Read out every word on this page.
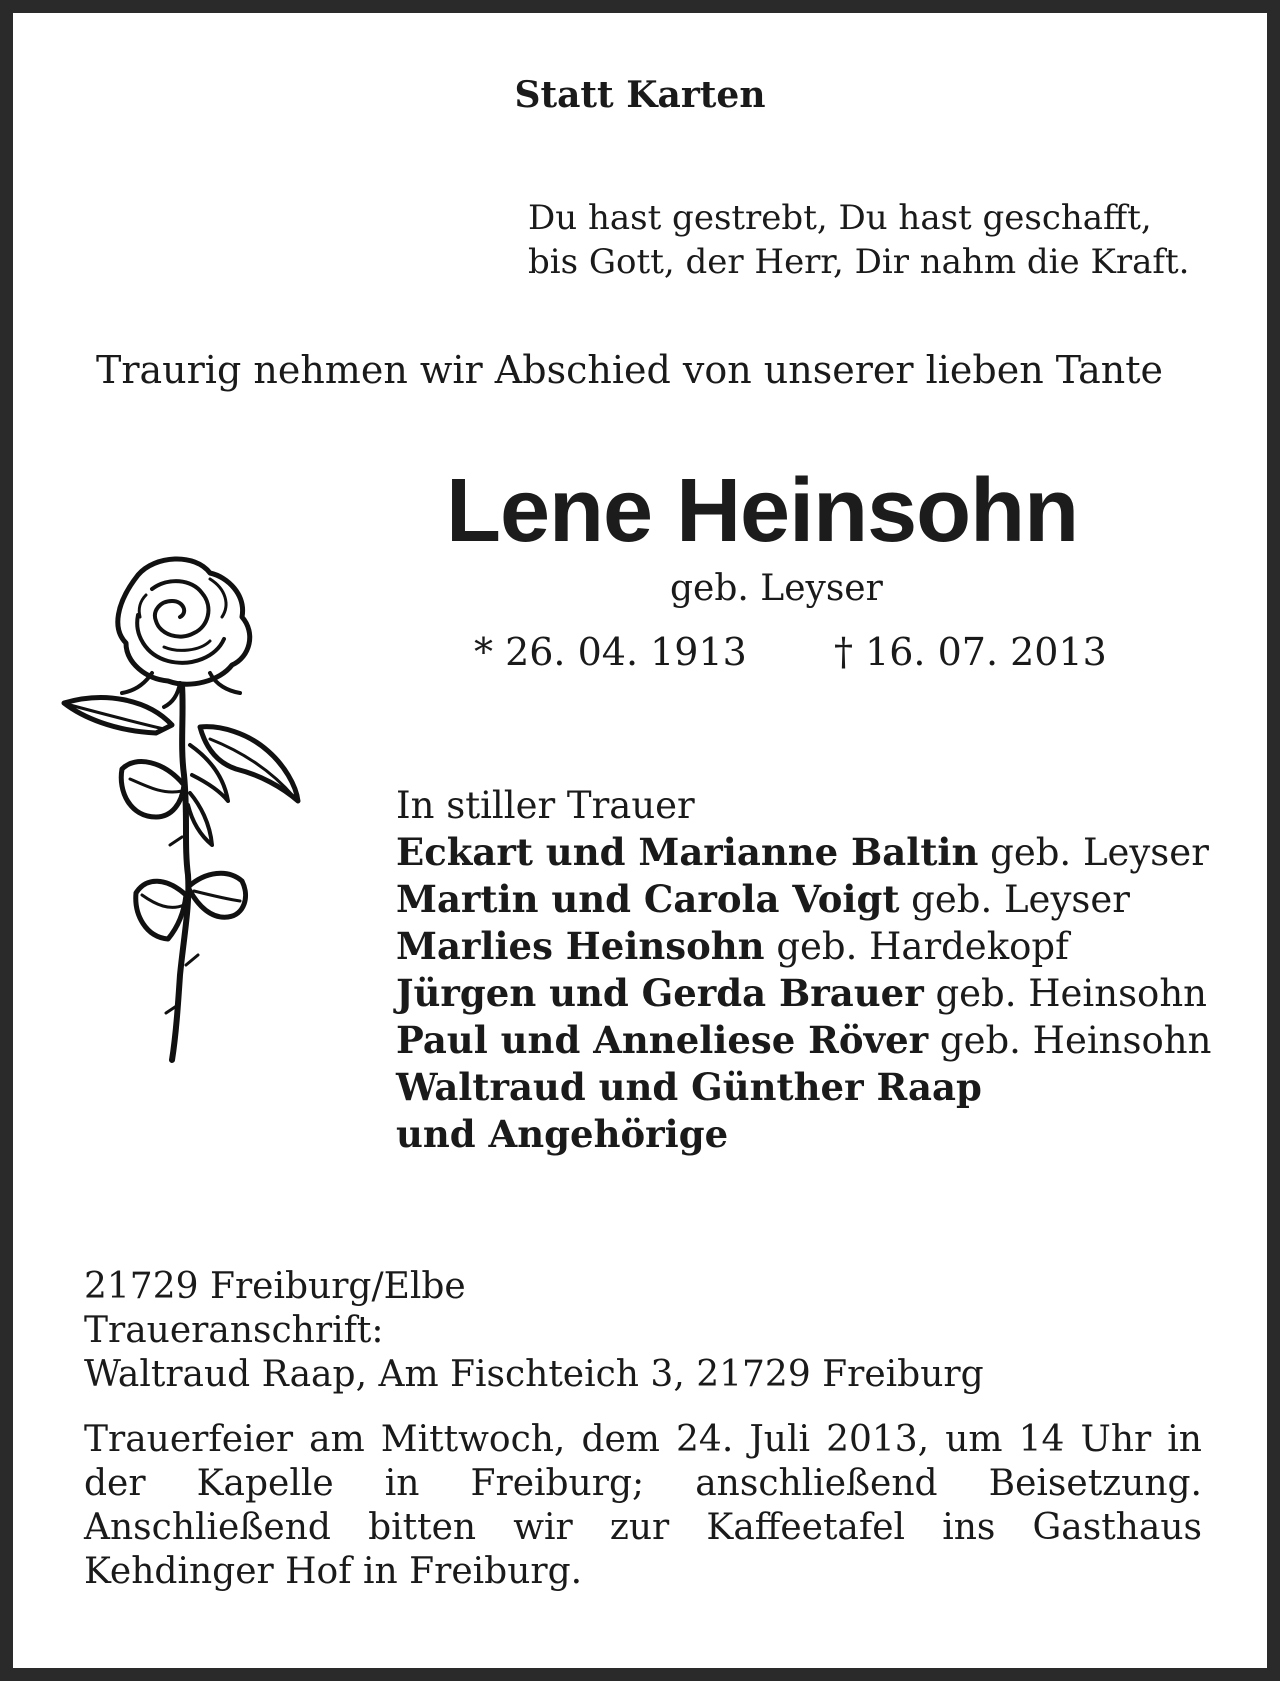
Statt Karten
Du hast gestrebt, Du hast geschafft,
bis Gott, der Herr, Dir nahm die Kraft.
Traurig nehmen wir Abschied von unserer lieben Tante
Lene Heinsohn
geb. Leyser
* 26. 04. 1913 † 16. 07. 2013
In stiller Trauer
Eckart und Marianne Baltin geb. Leyser
Martin und Carola Voigt geb. Leyser
Marlies Heinsohn geb. Hardekopf
Jürgen und Gerda Brauer geb. Heinsohn
Paul und Anneliese Röver geb. Heinsohn
Waltraud und Günther Raap
und Angehörige
21729 Freiburg/Elbe
Traueranschrift:
Waltraud Raap, Am Fischteich 3, 21729 Freiburg
Trauerfeier am Mittwoch, dem 24. Juli 2013, um 14 Uhr in der Kapelle in Freiburg; anschließend Beisetzung. Anschließend bitten wir zur Kaffeetafel ins Gasthaus Kehdinger Hof in Freiburg.
